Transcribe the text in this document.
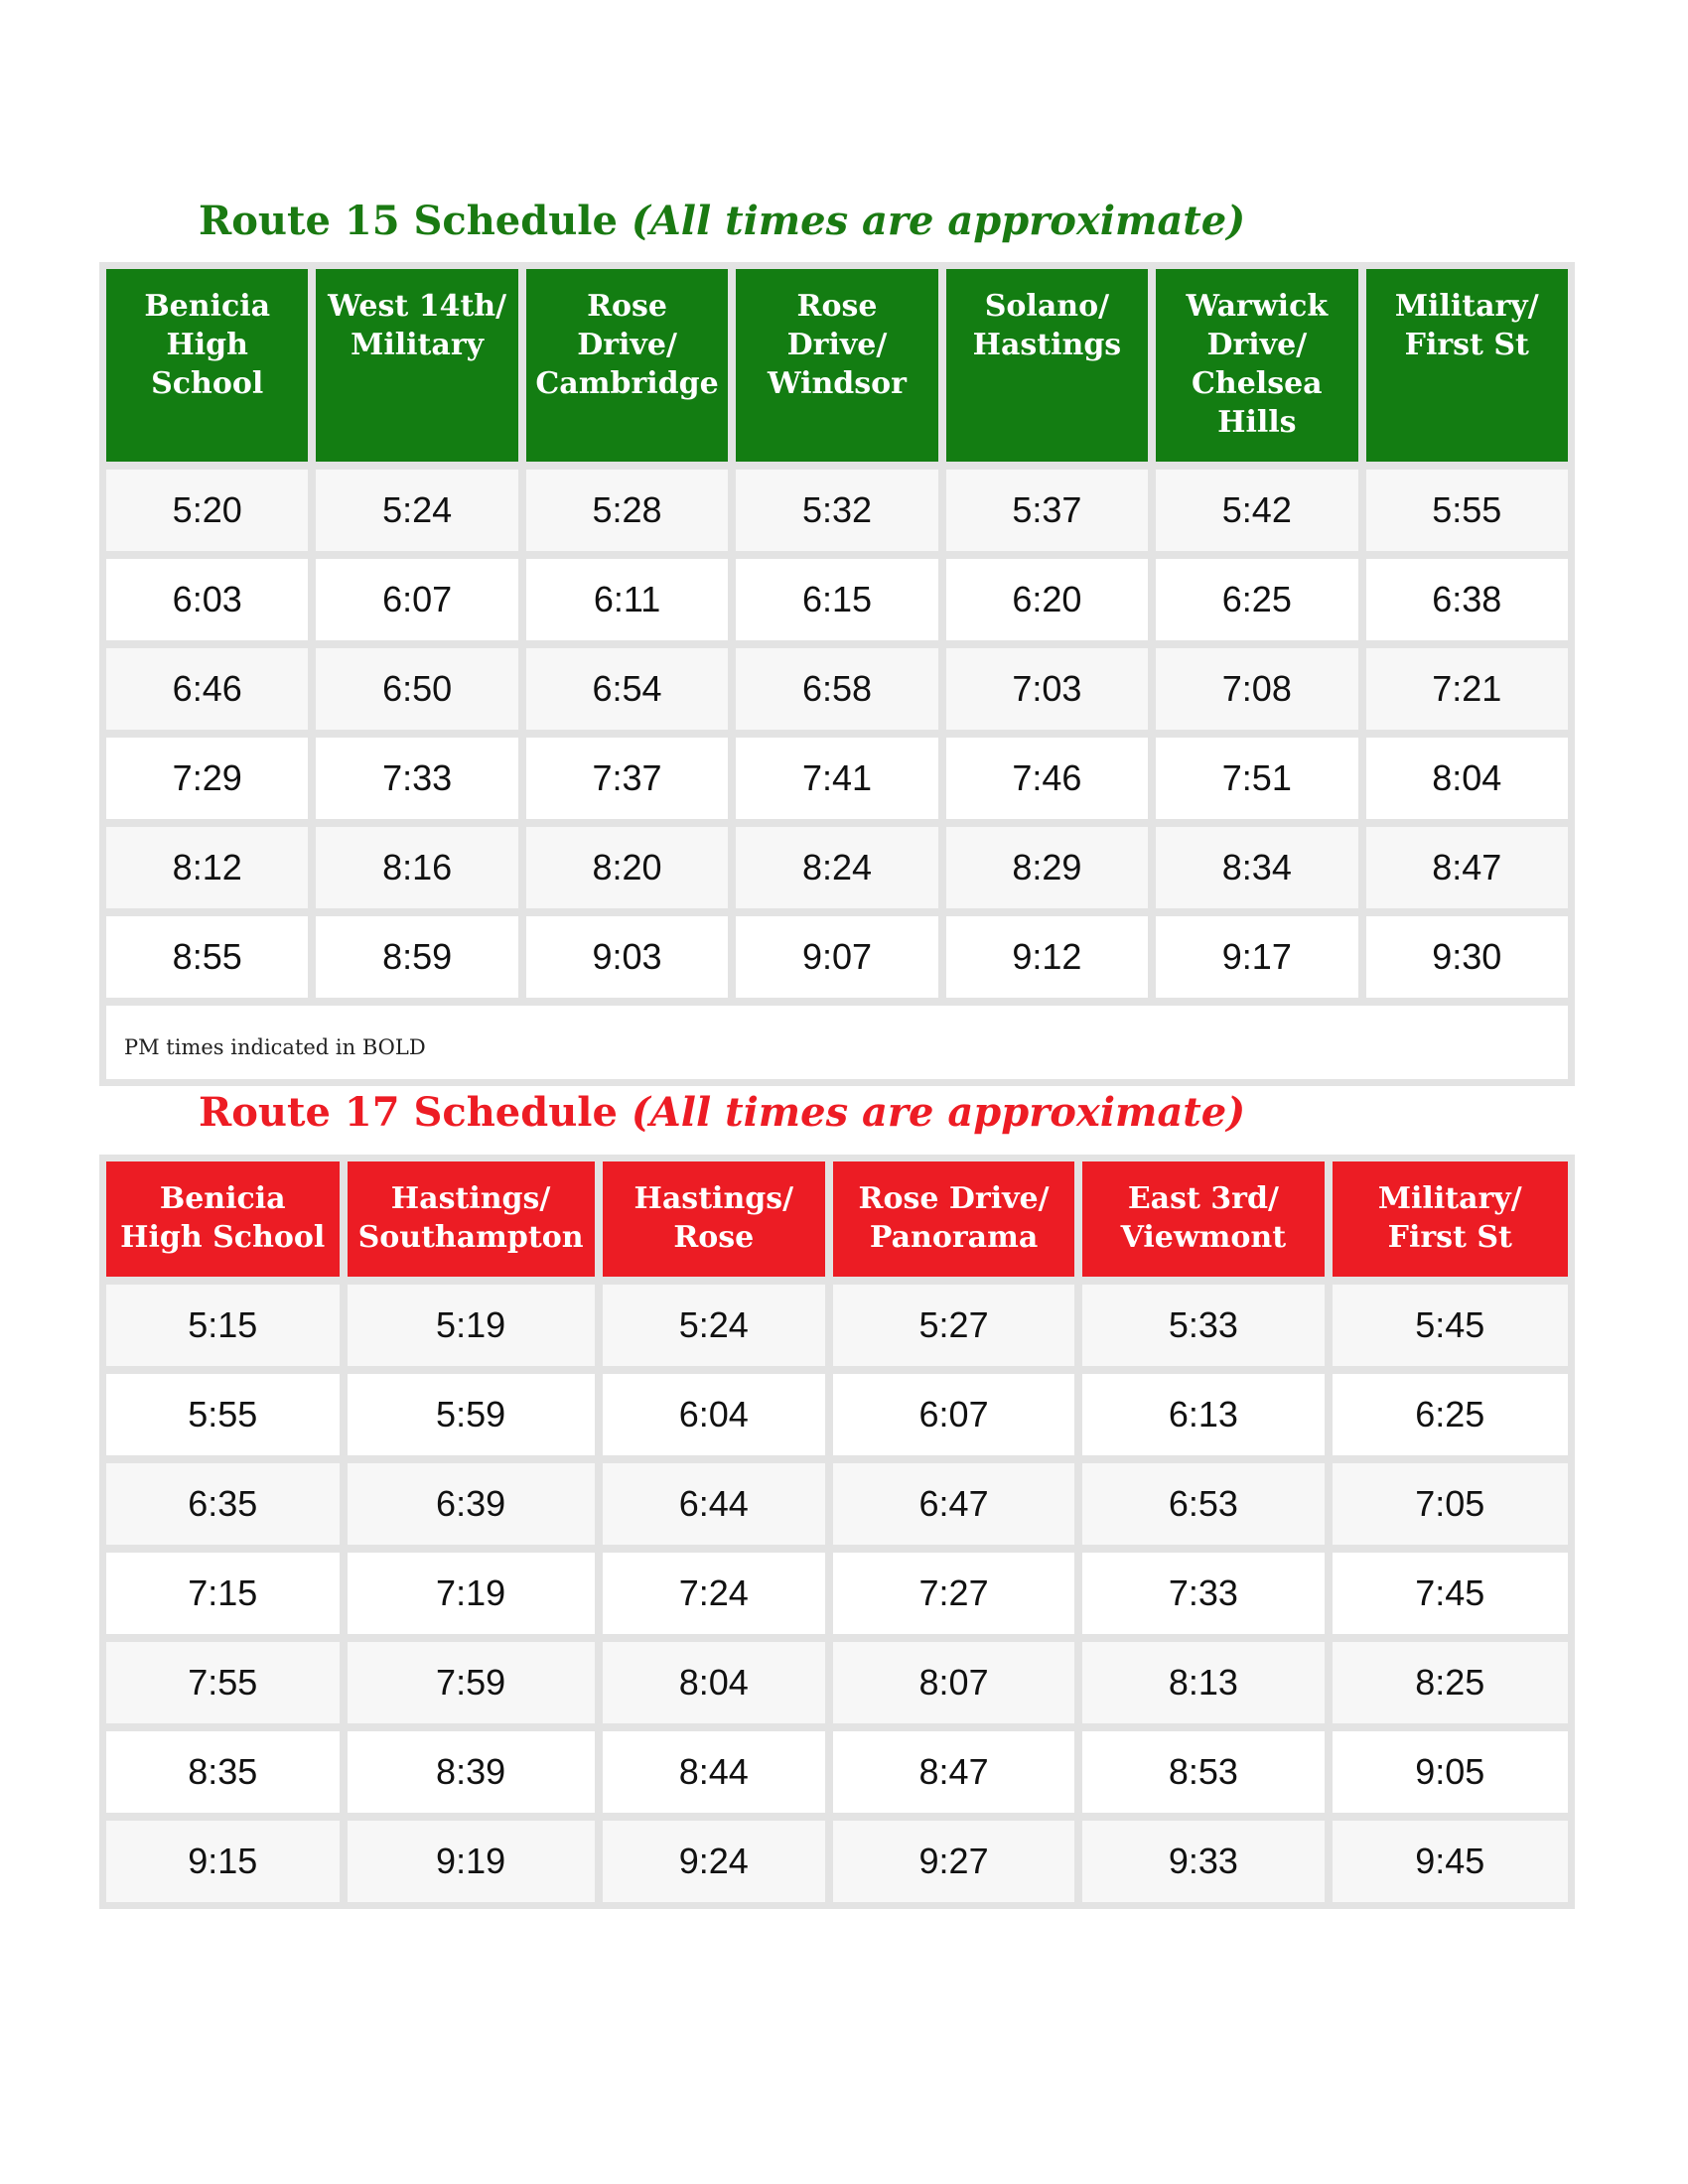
Route 15 Schedule (All times are approximate)
Benicia High School	West 14th/ Military	Rose Drive/ Cambridge	Rose Drive/ Windsor	Solano/ Hastings	Warwick Drive/ Chelsea Hills	Military/ First St
5:20	5:24	5:28	5:32	5:37	5:42	5:55
6:03	6:07	6:11	6:15	6:20	6:25	6:38
6:46	6:50	6:54	6:58	7:03	7:08	7:21
7:29	7:33	7:37	7:41	7:46	7:51	8:04
8:12	8:16	8:20	8:24	8:29	8:34	8:47
8:55	8:59	9:03	9:07	9:12	9:17	9:30
PM times indicated in BOLD						
Route 17 Schedule (All times are approximate)
Benicia High School	Hastings/ Southampton	Hastings/ Rose	Rose Drive/ Panorama	East 3rd/ Viewmont	Military/ First St
5:15	5:19	5:24	5:27	5:33	5:45
5:55	5:59	6:04	6:07	6:13	6:25
6:35	6:39	6:44	6:47	6:53	7:05
7:15	7:19	7:24	7:27	7:33	7:45
7:55	7:59	8:04	8:07	8:13	8:25
8:35	8:39	8:44	8:47	8:53	9:05
9:15	9:19	9:24	9:27	9:33	9:45
